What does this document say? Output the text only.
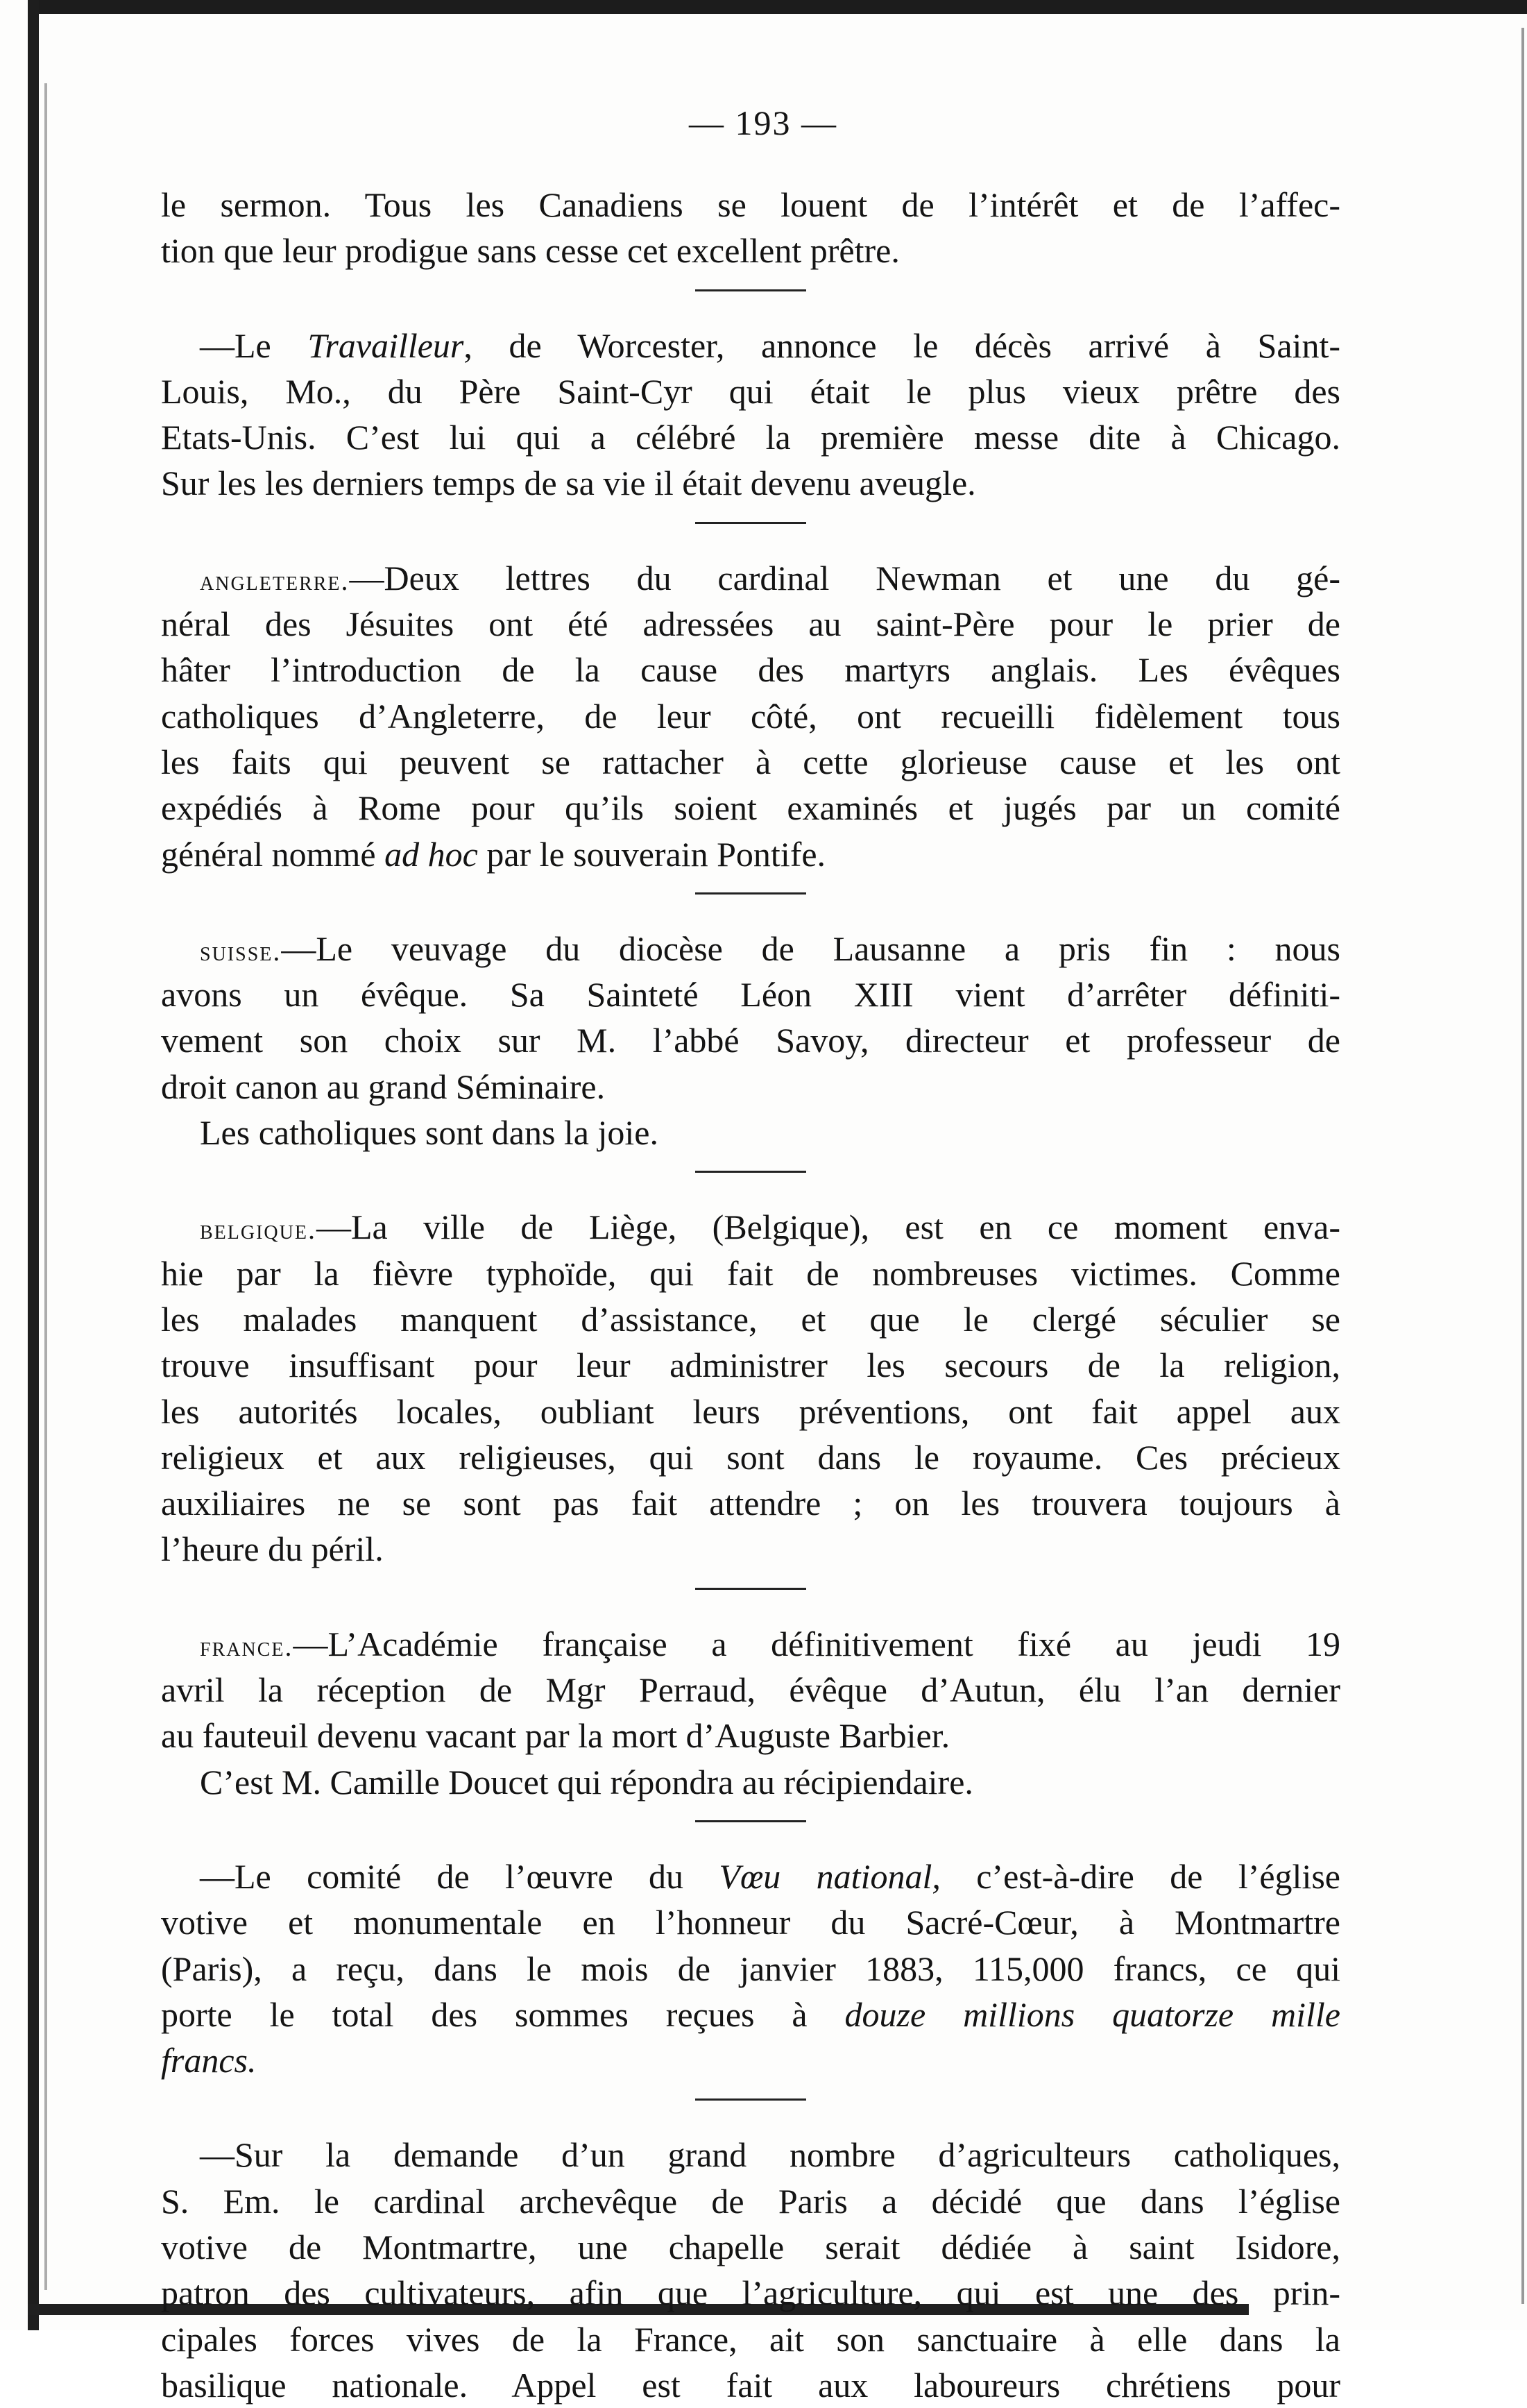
— 193 —
le sermon. Tous les Canadiens se louent de l’intérêt et de l’affec-
tion que leur prodigue sans cesse cet excellent prêtre.
—Le Travailleur, de Worcester, annonce le décès arrivé à Saint-
Louis, Mo., du Père Saint-Cyr qui était le plus vieux prêtre des
Etats-Unis. C’est lui qui a célébré la première messe dite à Chicago.
Sur les les derniers temps de sa vie il était devenu aveugle.
angleterre.—Deux lettres du cardinal Newman et une du gé-
néral des Jésuites ont été adressées au saint-Père pour le prier de
hâter l’introduction de la cause des martyrs anglais. Les évêques
catholiques d’Angleterre, de leur côté, ont recueilli fidèlement tous
les faits qui peuvent se rattacher à cette glorieuse cause et les ont
expédiés à Rome pour qu’ils soient examinés et jugés par un comité
général nommé ad hoc par le souverain Pontife.
suisse.—Le veuvage du diocèse de Lausanne a pris fin : nous
avons un évêque. Sa Sainteté Léon XIII vient d’arrêter définiti-
vement son choix sur M. l’abbé Savoy, directeur et professeur de
droit canon au grand Séminaire.
Les catholiques sont dans la joie.
belgique.—La ville de Liège, (Belgique), est en ce moment enva-
hie par la fièvre typhoïde, qui fait de nombreuses victimes. Comme
les malades manquent d’assistance, et que le clergé séculier se
trouve insuffisant pour leur administrer les secours de la religion,
les autorités locales, oubliant leurs préventions, ont fait appel aux
religieux et aux religieuses, qui sont dans le royaume. Ces précieux
auxiliaires ne se sont pas fait attendre ; on les trouvera toujours à
l’heure du péril.
france.—L’Académie française a définitivement fixé au jeudi 19
avril la réception de Mgr Perraud, évêque d’Autun, élu l’an dernier
au fauteuil devenu vacant par la mort d’Auguste Barbier.
C’est M. Camille Doucet qui répondra au récipiendaire.
—Le comité de l’œuvre du Vœu national, c’est-à-dire de l’église
votive et monumentale en l’honneur du Sacré-Cœur, à Montmartre
(Paris), a reçu, dans le mois de janvier 1883, 115,000 francs, ce qui
porte le total des sommes reçues à douze millions quatorze mille
francs.
—Sur la demande d’un grand nombre d’agriculteurs catholiques,
S. Em. le cardinal archevêque de Paris a décidé que dans l’église
votive de Montmartre, une chapelle serait dédiée à saint Isidore,
patron des cultivateurs, afin que l’agriculture, qui est une des prin-
cipales forces vives de la France, ait son sanctuaire à elle dans la
basilique nationale. Appel est fait aux laboureurs chrétiens pour
